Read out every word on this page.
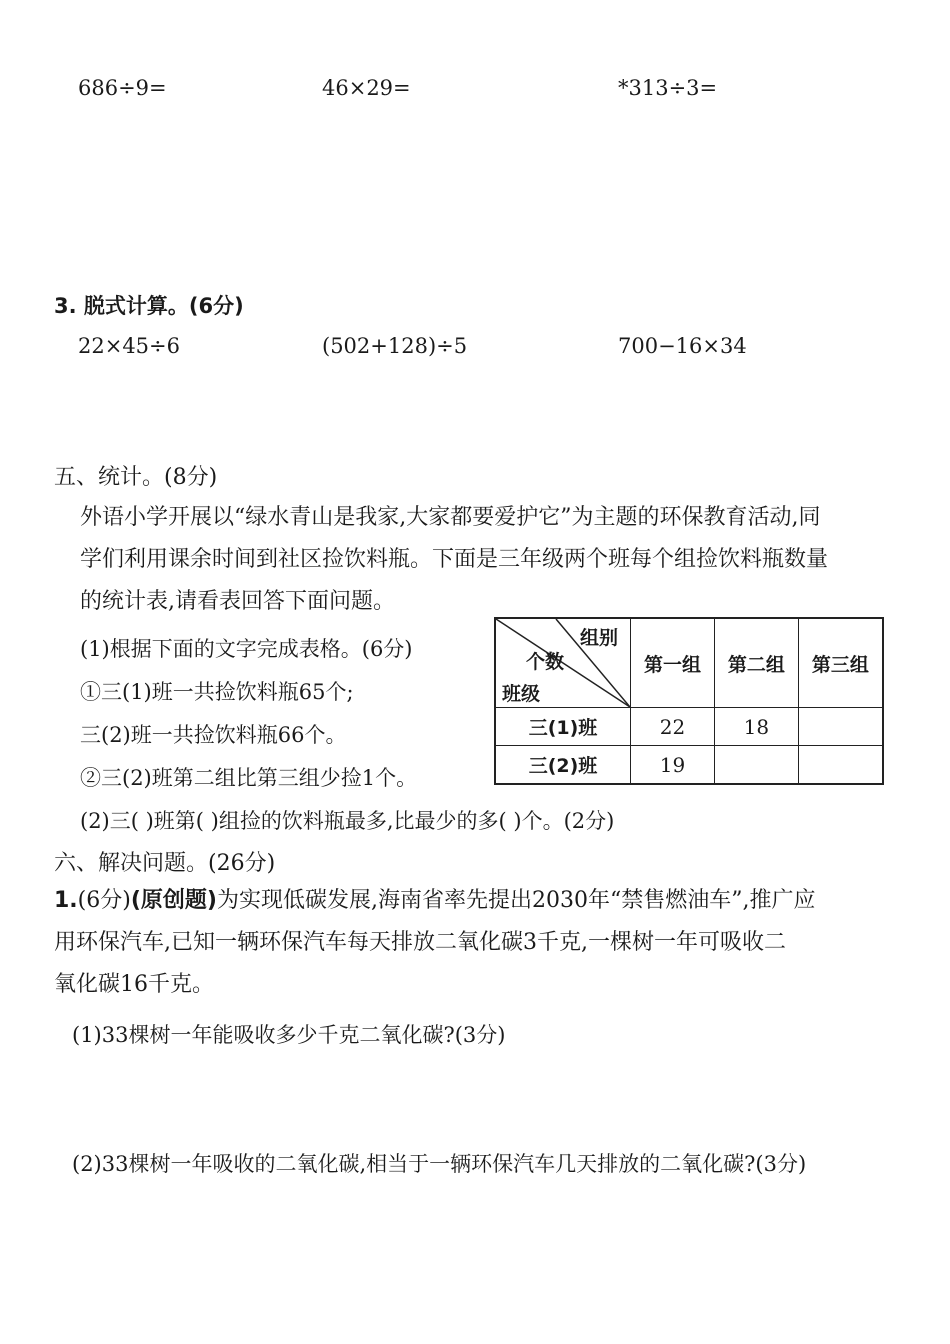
686÷9=	46×29=	*313÷3=
3. 脱式计算。(6分)
22×45÷6	(502+128)÷5	700−16×34
五、统计。(8分)
外语小学开展以“绿水青山是我家,大家都要爱护它”为主题的环保教育活动,同
学们利用课余时间到社区捡饮料瓶。下面是三年级两个班每个组捡饮料瓶数量
的统计表,请看表回答下面问题。
(1)根据下面的文字完成表格。(6分)
①三(1)班一共捡饮料瓶65个;
三(2)班一共捡饮料瓶66个。
②三(2)班第二组比第三组少捡1个。
(2)三( )班第( )组捡的饮料瓶最多,比最少的多( )个。(2分)
组别
个数
班级	第一组	第二组	第三组
三(1)班	22	18	
三(2)班	19		
六、解决问题。(26分)
1.(6分)(原创题)为实现低碳发展,海南省率先提出2030年“禁售燃油车”,推广应
用环保汽车,已知一辆环保汽车每天排放二氧化碳3千克,一棵树一年可吸收二
氧化碳16千克。
(1)33棵树一年能吸收多少千克二氧化碳?(3分)
(2)33棵树一年吸收的二氧化碳,相当于一辆环保汽车几天排放的二氧化碳?(3分)
